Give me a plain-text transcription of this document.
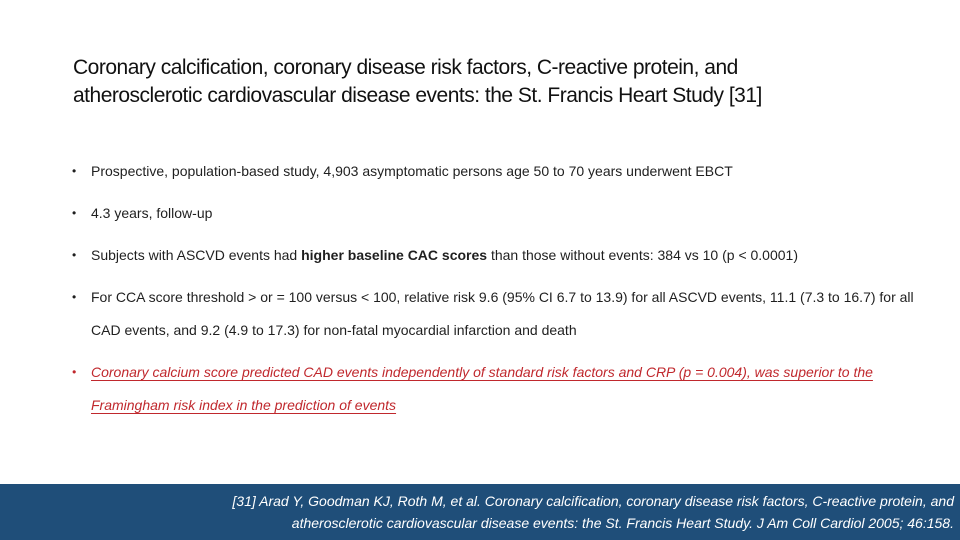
Coronary calcification, coronary disease risk factors, C-reactive protein, and
atherosclerotic cardiovascular disease events: the St. Francis Heart Study [31]
• Prospective, population-based study, 4,903 asymptomatic persons age 50 to 70 years underwent EBCT
• 4.3 years, follow-up
• Subjects with ASCVD events had higher baseline CAC scores than those without events: 384 vs 10 (p < 0.0001)
• For CCA score threshold > or = 100 versus < 100, relative risk 9.6 (95% CI 6.7 to 13.9) for all ASCVD events, 11.1 (7.3 to 16.7) for all CAD events, and 9.2 (4.9 to 17.3) for non-fatal myocardial infarction and death
• Coronary calcium score predicted CAD events independently of standard risk factors and CRP (p = 0.004), was superior to the Framingham risk index in the prediction of events
[31] Arad Y, Goodman KJ, Roth M, et al. Coronary calcification, coronary disease risk factors, C-reactive protein, and
atherosclerotic cardiovascular disease events: the St. Francis Heart Study. J Am Coll Cardiol 2005; 46:158.
